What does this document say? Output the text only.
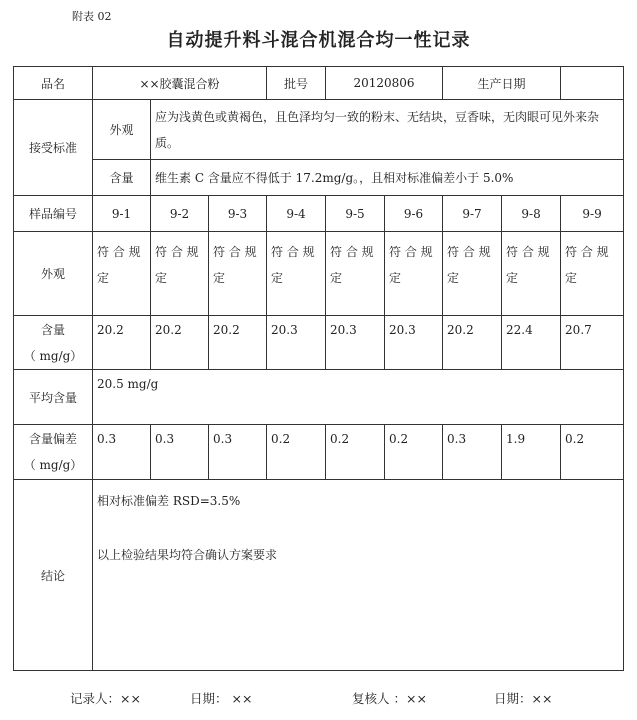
附表 02
自动提升料斗混合机混合均一性记录
品名	××胶囊混合粉			批号	20120806		生产日期		
接受标准	外观	应为浅黄色或黄褐色，且色泽均匀一致的粉末、无结块，豆香味，无肉眼可见外来杂质。							
	含量	维生素 C 含量应不得低于 17.2mg/g。，且相对标准偏差小于 5.0%							
样品编号	9-1	9-2	9-3	9-4	9-5	9-6	9-7	9-8	9-9
外观	符 合 规 定	符 合 规 定	符 合 规 定	符 合 规 定	符 合 规 定	符 合 规 定	符 合 规 定	符 合 规 定	符 合 规 定

含量
（ mg/g）	20.2	20.2	20.2	20.3	20.3	20.3	20.2	22.4	20.7
平均含量	20.5 mg/g								

含量偏差
（ mg/g）	0.3	0.3	0.3	0.2	0.2	0.2	0.3	1.9	0.2
结论	相对标准偏差 RSD=3.5%

以上检验结果均符合确认方案要求								

记录人：××	日期： ××	复核人 ：××	日期：××
